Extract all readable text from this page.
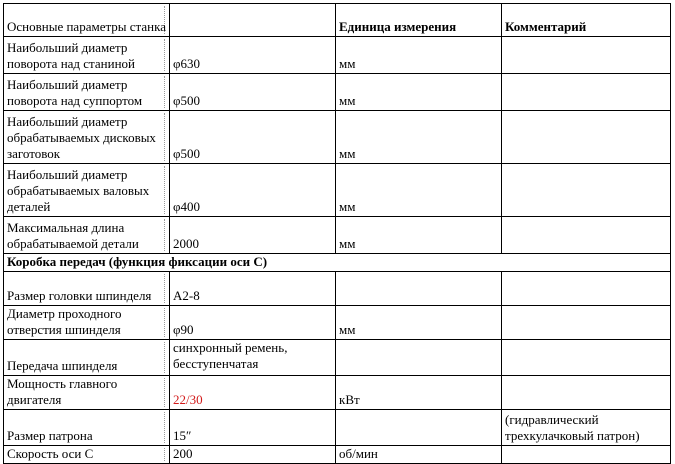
Основные параметры станка		Единица измерения	Комментарий
Наибольший диаметр поворота над станиной	φ630	мм	
Наибольший диаметр поворота над суппортом	φ500	мм	
Наибольший диаметр обрабатываемых дисковых заготовок	φ500	мм	
Наибольший диаметр обрабатываемых валовых деталей	φ400	мм	
Максимальная длина обрабатываемой детали	2000	мм	
Коробка передач (функция фиксации оси С)			
Размер головки шпинделя	A2-8		
Диаметр проходного отверстия шпинделя	φ90	мм	
Передача шпинделя	синхронный ремень, бесступенчатая		
Мощность главного двигателя	22/30	кВт	
Размер патрона	15″		(гидравлический трехкулачковый патрон)
Скорость оси С	200	об/мин	
